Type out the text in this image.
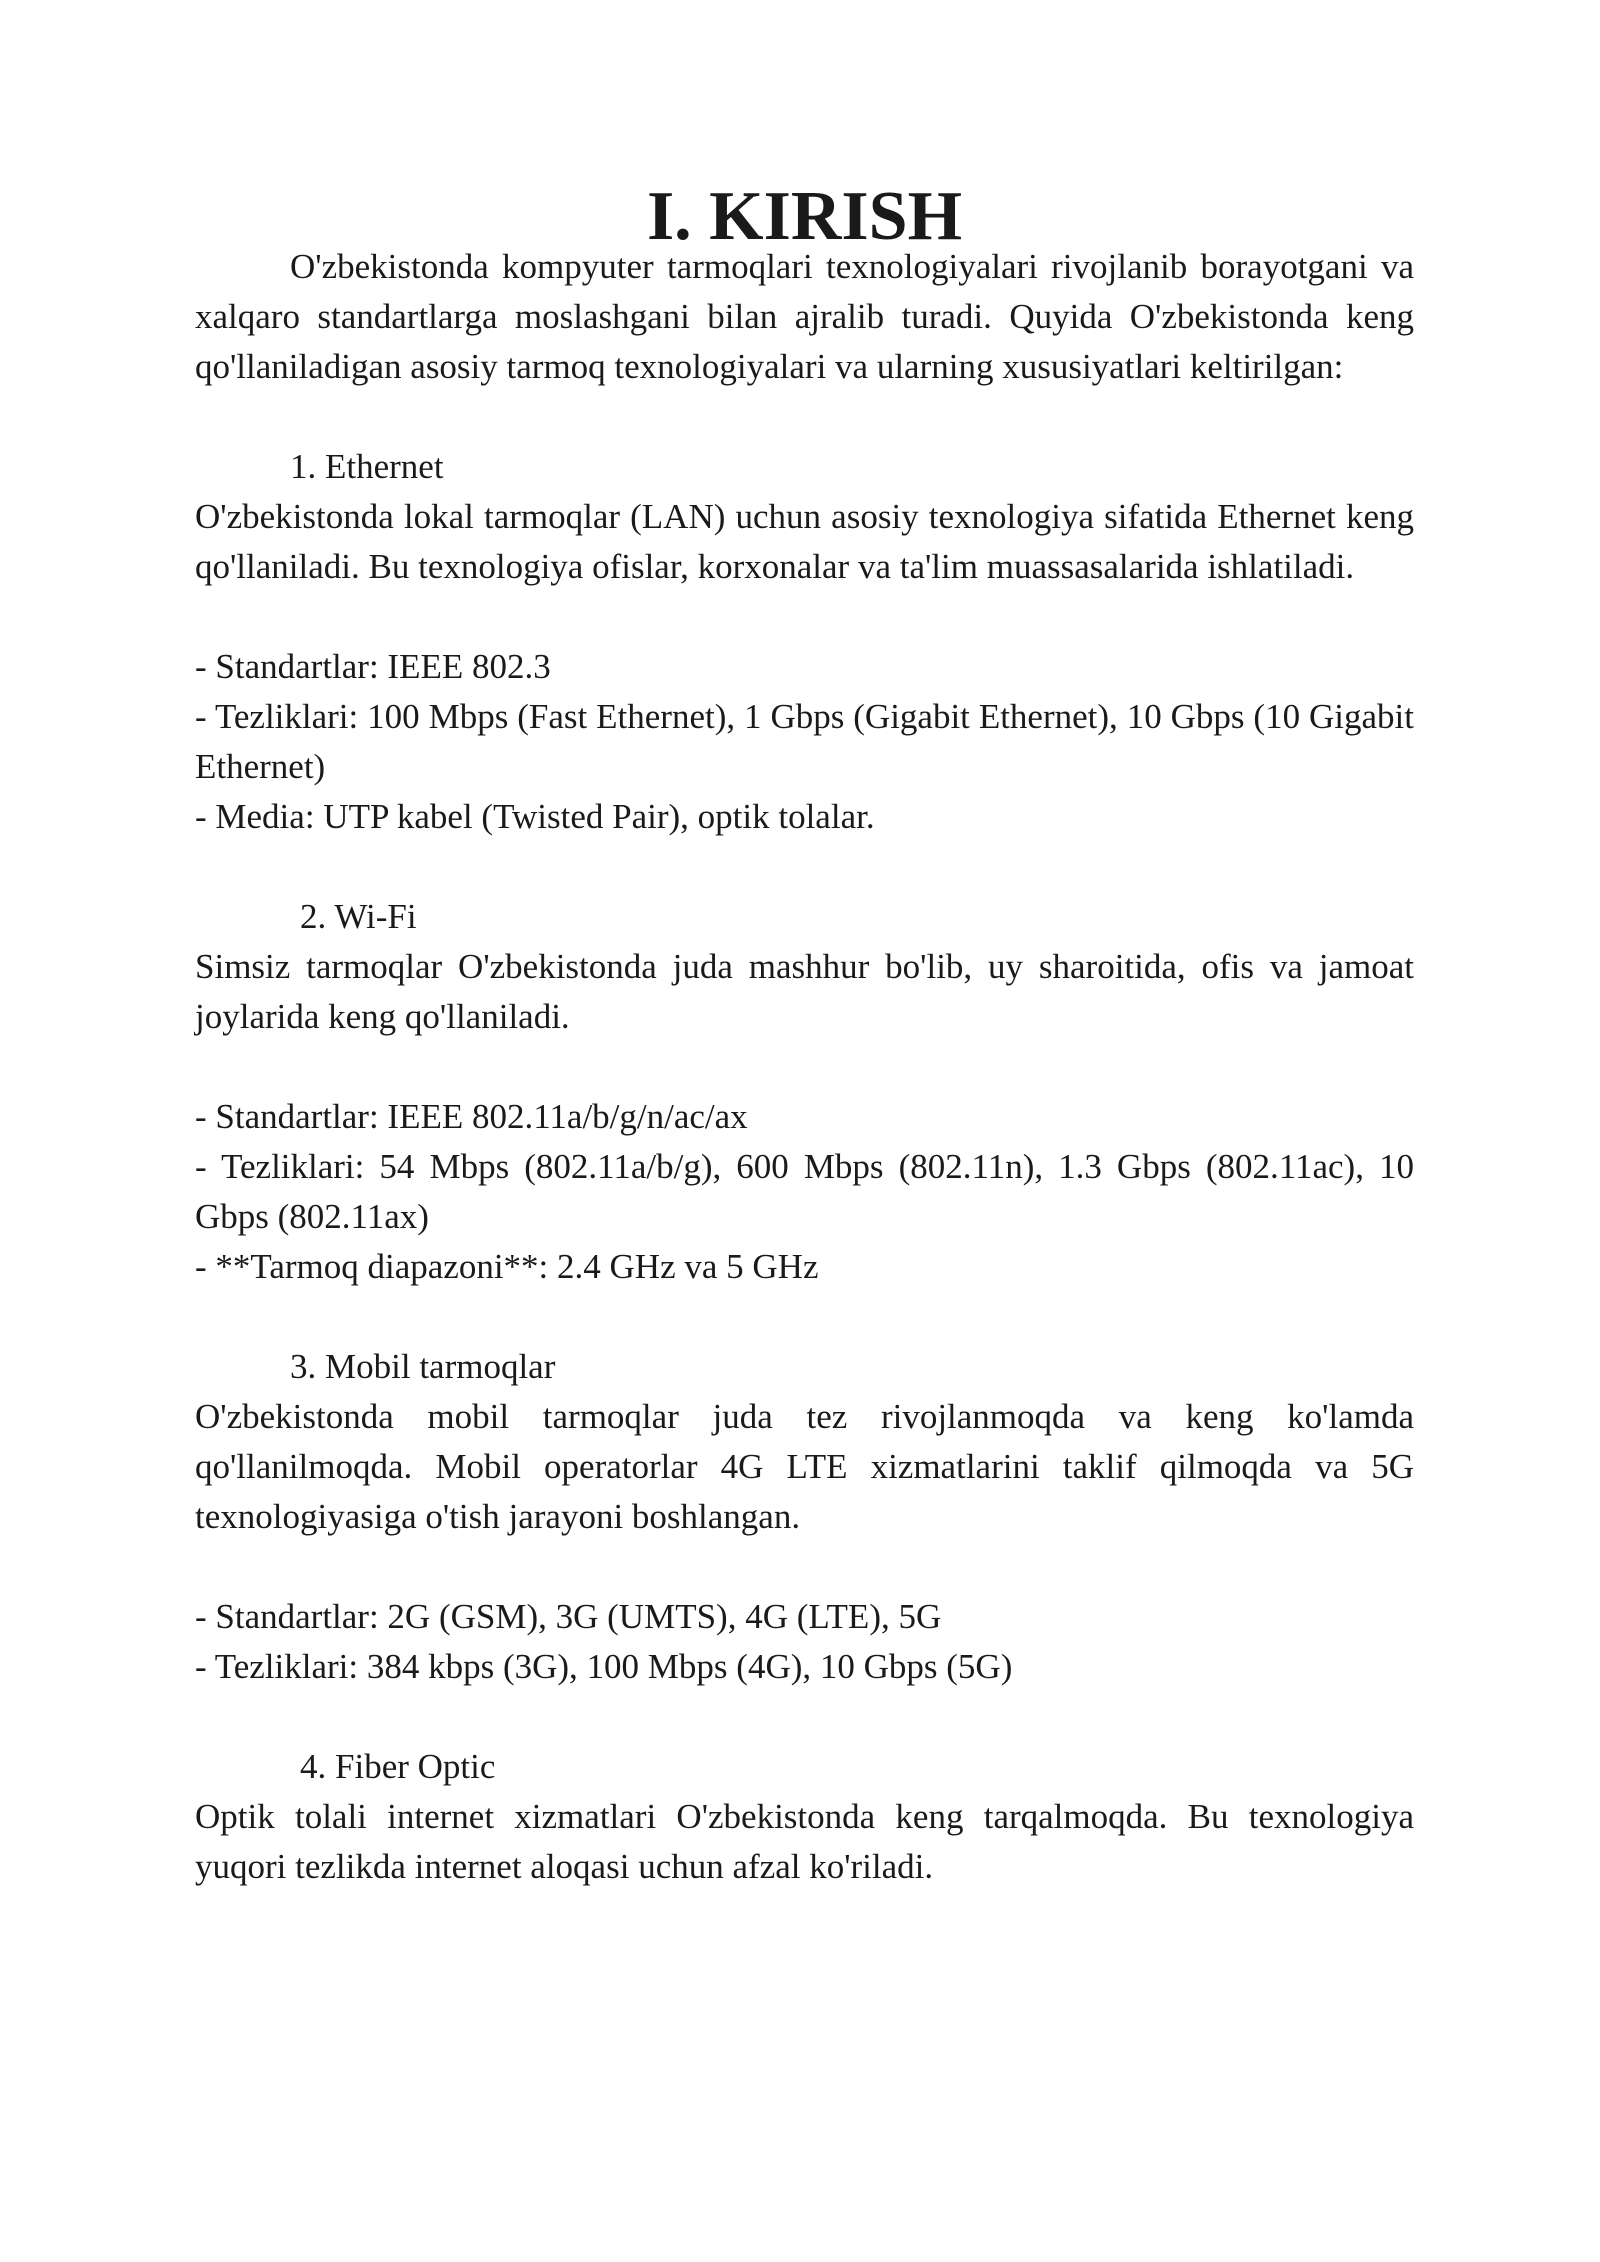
I. KIRISH

O'zbekistonda kompyuter tarmoqlari texnologiyalari rivojlanib borayotgani va xalqaro standartlarga moslashgani bilan ajralib turadi. Quyida O'zbekistonda keng qo'llaniladigan asosiy tarmoq texnologiyalari va ularning xususiyatlari keltirilgan:

1. Ethernet

O'zbekistonda lokal tarmoqlar (LAN) uchun asosiy texnologiya sifatida Ethernet keng qo'llaniladi. Bu texnologiya ofislar, korxonalar va ta'lim muassasalarida ishlatiladi.

- Standartlar: IEEE 802.3

- Tezliklari: 100 Mbps (Fast Ethernet), 1 Gbps (Gigabit Ethernet), 10 Gbps (10 Gigabit Ethernet)

- Media: UTP kabel (Twisted Pair), optik tolalar.

2. Wi-Fi

Simsiz tarmoqlar O'zbekistonda juda mashhur bo'lib, uy sharoitida, ofis va jamoat joylarida keng qo'llaniladi.

- Standartlar: IEEE 802.11a/b/g/n/ac/ax

- Tezliklari: 54 Mbps (802.11a/b/g), 600 Mbps (802.11n), 1.3 Gbps (802.11ac), 10 Gbps (802.11ax)

- **Tarmoq diapazoni**: 2.4 GHz va 5 GHz

3. Mobil tarmoqlar

O'zbekistonda mobil tarmoqlar juda tez rivojlanmoqda va keng ko'lamda qo'llanilmoqda. Mobil operatorlar 4G LTE xizmatlarini taklif qilmoqda va 5G texnologiyasiga o'tish jarayoni boshlangan.

- Standartlar: 2G (GSM), 3G (UMTS), 4G (LTE), 5G

- Tezliklari: 384 kbps (3G), 100 Mbps (4G), 10 Gbps (5G)

4. Fiber Optic

Optik tolali internet xizmatlari O'zbekistonda keng tarqalmoqda. Bu texnologiya yuqori tezlikda internet aloqasi uchun afzal ko'riladi.
